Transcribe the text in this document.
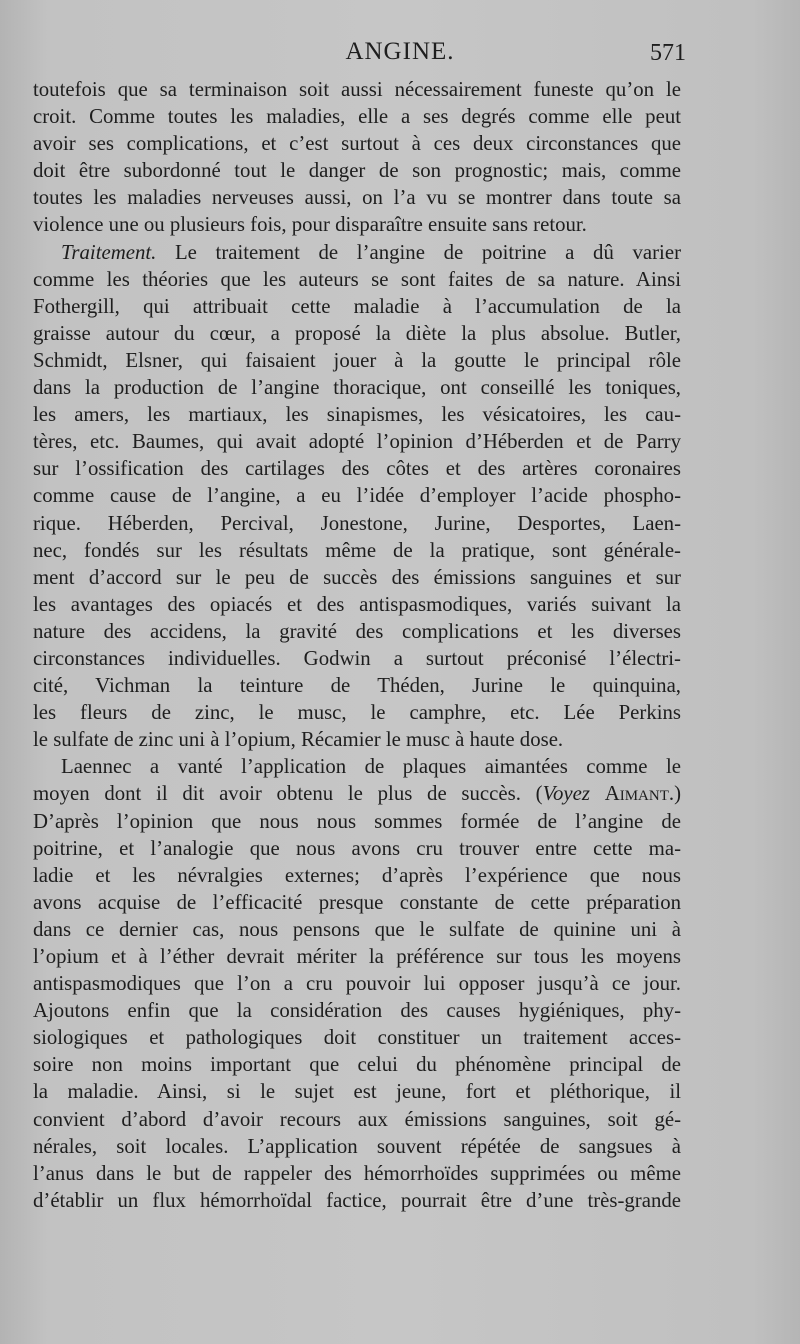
ANGINE.	571
toutefois que sa terminaison soit aussi nécessairement funeste qu’on le
croit. Comme toutes les maladies, elle a ses degrés comme elle peut
avoir ses complications, et c’est surtout à ces deux circonstances que
doit être subordonné tout le danger de son prognostic; mais, comme
toutes les maladies nerveuses aussi, on l’a vu se montrer dans toute sa
violence une ou plusieurs fois, pour disparaître ensuite sans retour.
Traitement. Le traitement de l’angine de poitrine a dû varier
comme les théories que les auteurs se sont faites de sa nature. Ainsi
Fothergill, qui attribuait cette maladie à l’accumulation de la
graisse autour du cœur, a proposé la diète la plus absolue. Butler,
Schmidt, Elsner, qui faisaient jouer à la goutte le principal rôle
dans la production de l’angine thoracique, ont conseillé les toniques,
les amers, les martiaux, les sinapismes, les vésicatoires, les cau-
tères, etc. Baumes, qui avait adopté l’opinion d’Héberden et de Parry
sur l’ossification des cartilages des côtes et des artères coronaires
comme cause de l’angine, a eu l’idée d’employer l’acide phospho-
rique. Héberden, Percival, Jonestone, Jurine, Desportes, Laen-
nec, fondés sur les résultats même de la pratique, sont générale-
ment d’accord sur le peu de succès des émissions sanguines et sur
les avantages des opiacés et des antispasmodiques, variés suivant la
nature des accidens, la gravité des complications et les diverses
circonstances individuelles. Godwin a surtout préconisé l’électri-
cité, Vichman la teinture de Théden, Jurine le quinquina,
les fleurs de zinc, le musc, le camphre, etc. Lée Perkins
le sulfate de zinc uni à l’opium, Récamier le musc à haute dose.
Laennec a vanté l’application de plaques aimantées comme le
moyen dont il dit avoir obtenu le plus de succès. (Voyez Aimant.)
D’après l’opinion que nous nous sommes formée de l’angine de
poitrine, et l’analogie que nous avons cru trouver entre cette ma-
ladie et les névralgies externes; d’après l’expérience que nous
avons acquise de l’efficacité presque constante de cette préparation
dans ce dernier cas, nous pensons que le sulfate de quinine uni à
l’opium et à l’éther devrait mériter la préférence sur tous les moyens
antispasmodiques que l’on a cru pouvoir lui opposer jusqu’à ce jour.
Ajoutons enfin que la considération des causes hygiéniques, phy-
siologiques et pathologiques doit constituer un traitement acces-
soire non moins important que celui du phénomène principal de
la maladie. Ainsi, si le sujet est jeune, fort et pléthorique, il
convient d’abord d’avoir recours aux émissions sanguines, soit gé-
nérales, soit locales. L’application souvent répétée de sangsues à
l’anus dans le but de rappeler des hémorrhoïdes supprimées ou même
d’établir un flux hémorrhoïdal factice, pourrait être d’une très-grande
